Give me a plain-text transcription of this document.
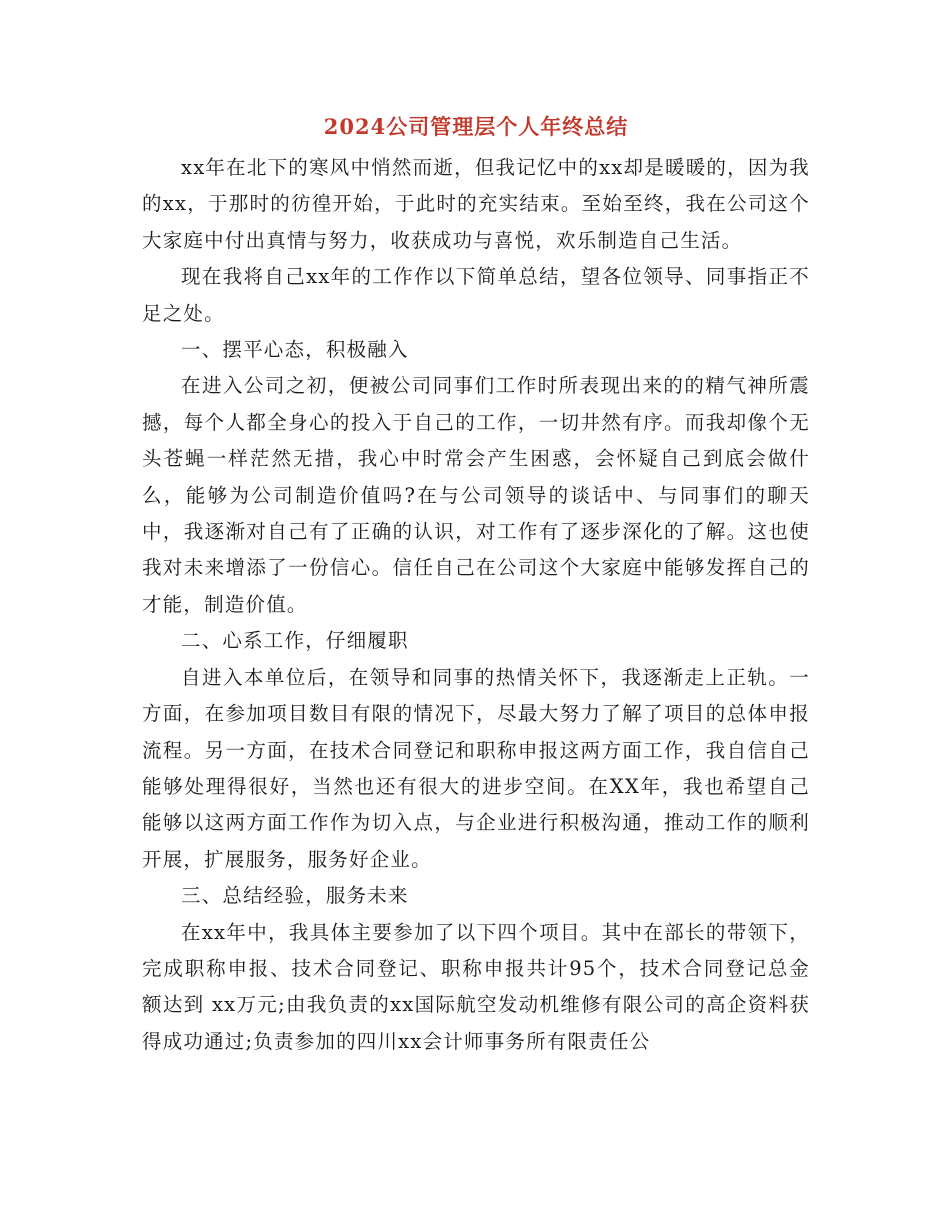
2024公司管理层个人年终总结

xx年在北下的寒风中悄然而逝，但我记忆中的xx却是暖暖的，因为我的xx，于那时的彷徨开始，于此时的充实结束。至始至终，我在公司这个大家庭中付出真情与努力，收获成功与喜悦，欢乐制造自己生活。

现在我将自己xx年的工作作以下简单总结，望各位领导、同事指正不足之处。

一、摆平心态，积极融入

在进入公司之初，便被公司同事们工作时所表现出来的的精气神所震撼，每个人都全身心的投入于自己的工作，一切井然有序。而我却像个无头苍蝇一样茫然无措，我心中时常会产生困惑，会怀疑自己到底会做什么，能够为公司制造价值吗?在与公司领导的谈话中、与同事们的聊天中，我逐渐对自己有了正确的认识，对工作有了逐步深化的了解。这也使我对未来增添了一份信心。信任自己在公司这个大家庭中能够发挥自己的才能，制造价值。

二、心系工作，仔细履职

自进入本单位后，在领导和同事的热情关怀下，我逐渐走上正轨。一方面，在参加项目数目有限的情况下，尽最大努力了解了项目的总体申报流程。另一方面，在技术合同登记和职称申报这两方面工作，我自信自己能够处理得很好，当然也还有很大的进步空间。在XX年，我也希望自己能够以这两方面工作作为切入点，与企业进行积极沟通，推动工作的顺利开展，扩展服务，服务好企业。

三、总结经验，服务未来

在xx年中，我具体主要参加了以下四个项目。其中在部长的带领下，完成职称申报、技术合同登记、职称申报共计95个，技术合同登记总金额达到 xx万元;由我负责的xx国际航空发动机维修有限公司的高企资料获得成功通过;负责参加的四川xx会计师事务所有限责任公
